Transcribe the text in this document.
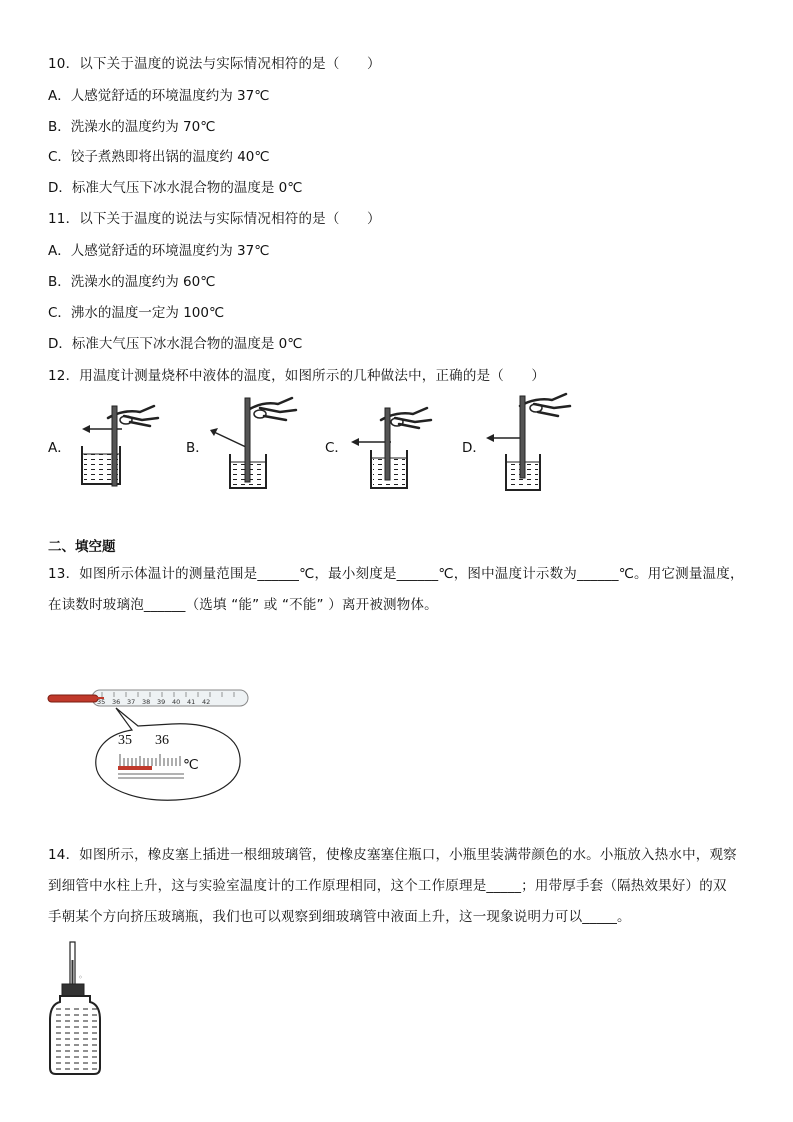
10．以下关于温度的说法与实际情况相符的是（　　）
A．人感觉舒适的环境温度约为 37℃
B．洗澡水的温度约为 70℃
C．饺子煮熟即将出锅的温度约 40℃
D．标准大气压下冰水混合物的温度是 0℃
11．以下关于温度的说法与实际情况相符的是（　　）
A．人感觉舒适的环境温度约为 37℃
B．洗澡水的温度约为 60℃
C．沸水的温度一定为 100℃
D．标准大气压下冰水混合物的温度是 0℃
12．用温度计测量烧杯中液体的温度，如图所示的几种做法中，正确的是（　　）
A．	B．	C．	D．
二、填空题
13．如图所示体温计的测量范围是______℃，最小刻度是______℃，图中温度计示数为______℃。用它测量温度，
在读数时玻璃泡______（选填 “能” 或 “不能” ）离开被测物体。
35 36 37 38 39 40 41 42
35 36
℃
14．如图所示，橡皮塞上插进一根细玻璃管，使橡皮塞塞住瓶口，小瓶里装满带颜色的水。小瓶放入热水中，观察
到细管中水柱上升，这与实验室温度计的工作原理相同，这个工作原理是_____；用带厚手套（隔热效果好）的双
手朝某个方向挤压玻璃瓶，我们也可以观察到细玻璃管中液面上升，这一现象说明力可以_____。
◦
